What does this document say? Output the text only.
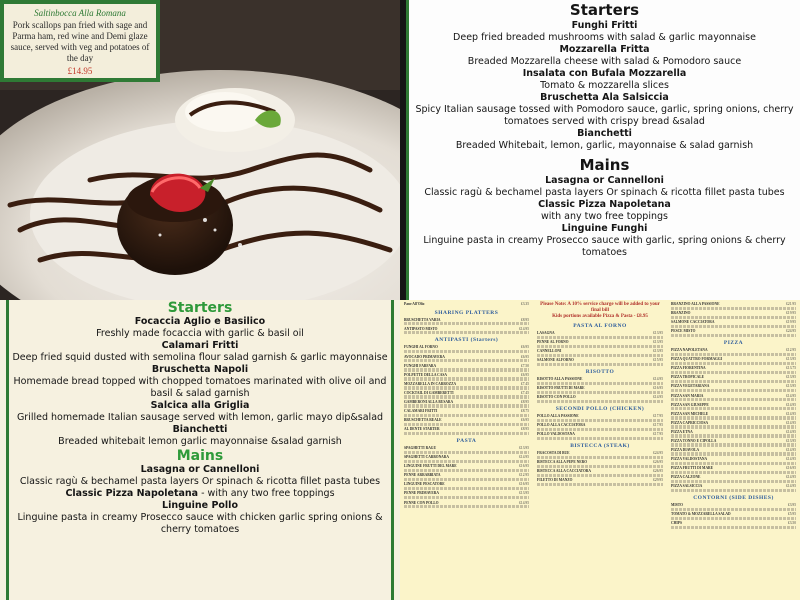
Saltinbocca Alla Romana
Pork scallops pan fried with sage and Parma ham, red wine and Demi glaze sauce, served with veg and potatoes of the day
£14.95
Starters
Funghi Fritti
Deep fried breaded mushrooms with salad & garlic mayonnaise
Mozzarella Fritta
Breaded Mozzarella cheese with salad & Pomodoro sauce
Insalata con Bufala Mozzarella
Tomato & mozzarella slices
Bruschetta Ala Salsiccia
Spicy Italian sausage tossed with Pomodoro sauce, garlic, spring onions, cherry tomatoes served with crispy bread &salad
Bianchetti
Breaded Whitebait, lemon, garlic, mayonnaise & salad garnish
Mains
Lasagna or Cannelloni
Classic ragù & bechamel pasta layers Or spinach & ricotta fillet pasta tubes
Classic Pizza Napoletana
with any two free toppings
Linguine Funghi
Linguine pasta in creamy Prosecco sauce with garlic, spring onions & cherry tomatoes
Starters
Focaccia Aglio e Basilico
Freshly made focaccia with garlic & basil oil
Calamari Fritti
Deep fried squid dusted with semolina flour salad garnish & garlic mayonnaise
Bruschetta Napoli
Homemade bread topped with chopped tomatoes marinated with olive oil and basil & salad garnish
Salcica alla Griglia
Grilled homemade Italian sausage served with lemon, garlic mayo dip&salad
Bianchetti
Breaded whitebait lemon garlic mayonnaise &salad garnish
Mains
Lasagna or Cannelloni
Classic ragù & bechamel pasta layers Or spinach & ricotta fillet pasta tubes
Classic Pizza Napoletana - with any two free toppings
Linguine Pollo
Linguine pasta in creamy Prosecco sauce with chicken garlic spring onions & cherry tomatoes
Pane All'Olio	£3.35
SHARING PLATTERS
BRUSCHETTA VARIA	£8.95
ANTIPASTO MISTO	£14.95
ANTIPASTI (Starters)
FUNGHI AL FORNO	£6.95
AVOCADO PRIMAVERA	£6.95
FUNGHI FARFARA	£7.50
POLPETTE DELLA CASA	£6.95
MOZZARELLA IN CARROZZA	£7.45
COCKTAIL DI GAMBERETTI	£7.45
GAMBERONI ALLA BUSARA	£8.95
CALAMARI FRITTI	£8.75
BRUSCHETTA REALE	£6.95
AL DENTE STARTER	£8.95
PASTA
SPAGHETTI RAGU	£13.95
SPAGHETTI CARBONARA	£14.95
LINGUINE FRUTTI DEL MARE	£16.95
PENNE ARRABBIATA	£12.95
LINGUINE PESCATORE	£16.95
PENNE PRIMAVERA	£13.95
PENNE CON POLLO	£14.95
Please Note: A 10% service charge will be added to your final bill
Kids portions available Pizza & Pasta - £8.95
PASTA AL FORNO
LASAGNA	£13.95
PENNE AL FORNO	£13.95
CANNELLONI	£13.95
SALMONE ALFORNO	£15.95
RISOTTO
RISOTTO ALLA PASSIONE	£14.95
RISOTTO FRUTTI DI MARE	£16.95
RISOTTO CON POLLO	£14.95
SECONDI POLLO (CHICKEN)
POLLO ALLA PASSIONE	£17.95
POLLO ALLA CACCIATORA	£17.95
POLLO VALDOSTANA	£17.95
BISTECCA (STEAK)
FRACOSTA DI BUE	£24.95
BISTECCA ALLA PEPE NERO	£26.95
BISTECCA ALLA CACCIATORA	£26.95
FILETTO DI MANZO	£29.95
BRANZINO ALLA PASSIONE	£21.95
BRANZINO	£19.95
SALMONE CACCIATORA	£19.95
PESCE MISTO	£24.95
PIZZA
PIZZA NAPOLETANA	£12.95
PIZZA QUATTRO FORMAGGI	£13.95
PIZZA FIORENTINA	£13.75
PIZZA TROPICALE	£13.95
PIZZA VEGETARIANA	£13.95
PIZZA SAN MARIA	£14.95
PIZZA SAN GIUSEPPE	£14.95
PIZZA SAN MICHELE	£14.95
PIZZA CAPRICCIOSA	£14.95
PIZZA ETNA	£14.95
PIZZA TONNO E CIPOLLA	£13.95
PIZZA DIAVOLA	£14.95
PIZZA VALDOSTANA	£14.95
PIZZA FRUTTI DI MARE	£16.95
PIZZA CALZONE	£14.95
PIZZA SALSICCIA	£14.95
CONTORNI (SIDE DISHES)
MISTO	£3.95
TOMATO & MOZZARELLA SALAD	£5.95
CHIPS	£3.50
